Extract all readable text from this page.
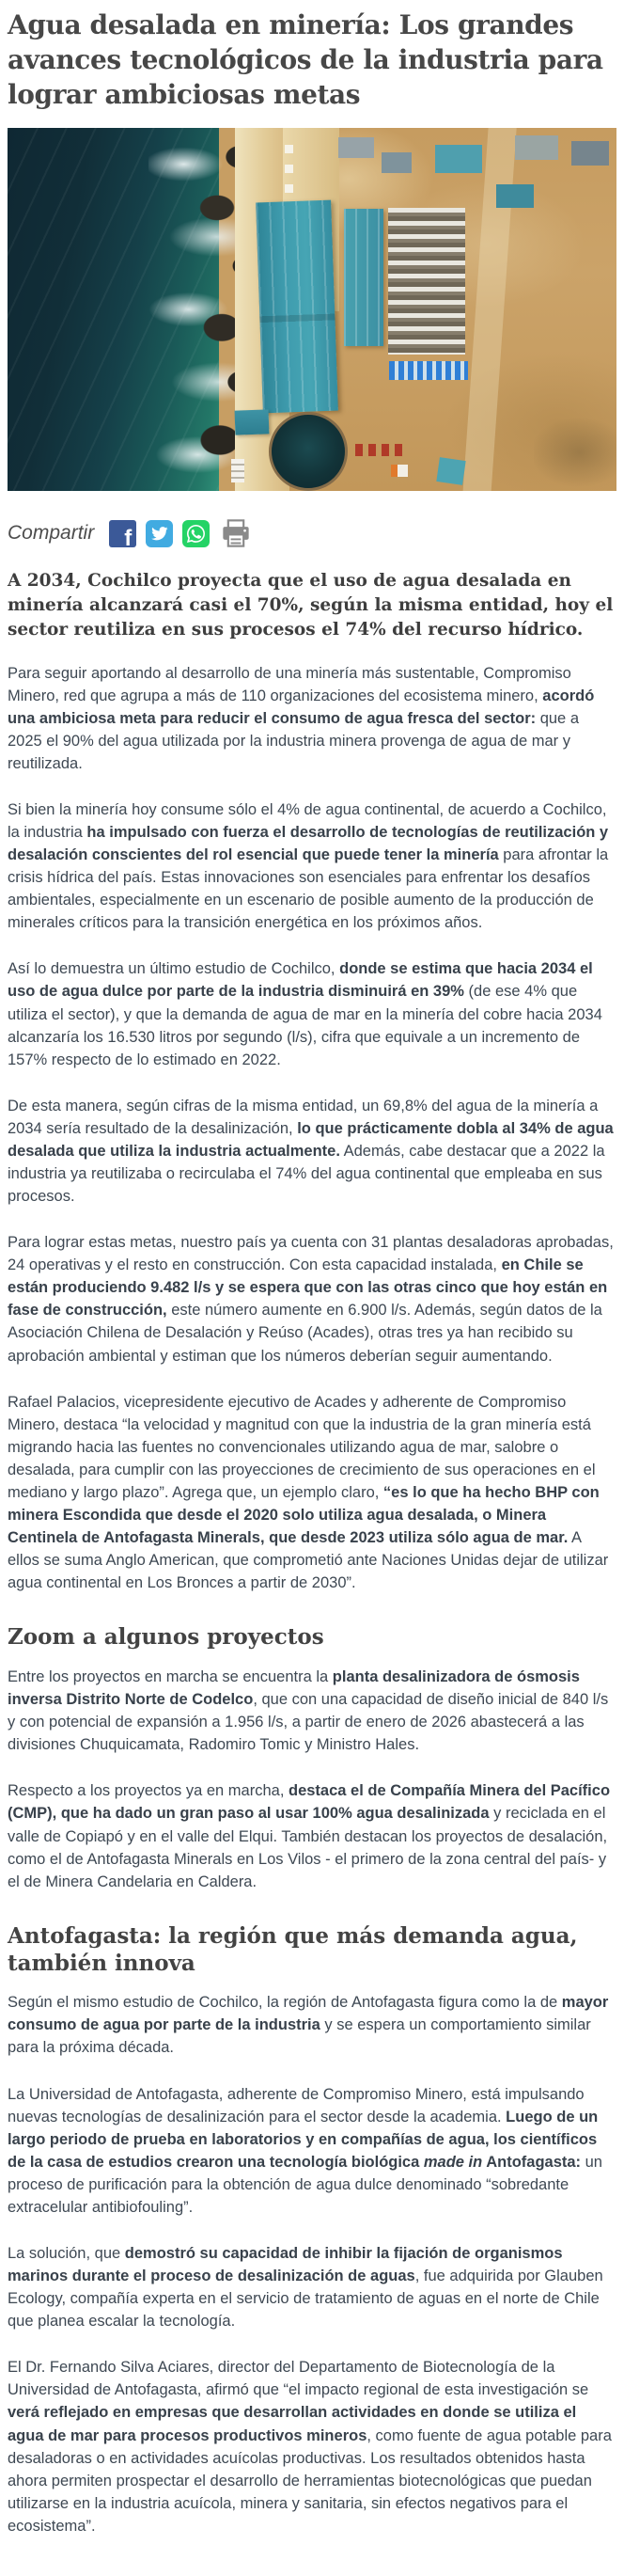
Agua desalada en minería: Los grandes avances tecnológicos de la industria para lograr ambiciosas metas
Compartir f

A 2034, Cochilco proyecta que el uso de agua desalada en minería alcanzará casi el 70%, según la misma entidad, hoy el sector reutiliza en sus procesos el 74% del recurso hídrico.

Para seguir aportando al desarrollo de una minería más sustentable, Compromiso Minero, red que agrupa a más de 110 organizaciones del ecosistema minero, acordó una ambiciosa meta para reducir el consumo de agua fresca del sector: que a 2025 el 90% del agua utilizada por la industria minera provenga de agua de mar y reutilizada.

Si bien la minería hoy consume sólo el 4% de agua continental, de acuerdo a Cochilco, la industria ha impulsado con fuerza el desarrollo de tecnologías de reutilización y desalación conscientes del rol esencial que puede tener la minería para afrontar la crisis hídrica del país. Estas innovaciones son esenciales para enfrentar los desafíos ambientales, especialmente en un escenario de posible aumento de la producción de minerales críticos para la transición energética en los próximos años.

Así lo demuestra un último estudio de Cochilco, donde se estima que hacia 2034 el uso de agua dulce por parte de la industria disminuirá en 39% (de ese 4% que utiliza el sector), y que la demanda de agua de mar en la minería del cobre hacia 2034 alcanzaría los 16.530 litros por segundo (l/s), cifra que equivale a un incremento de 157% respecto de lo estimado en 2022.

De esta manera, según cifras de la misma entidad, un 69,8% del agua de la minería a 2034 sería resultado de la desalinización, lo que prácticamente dobla al 34% de agua desalada que utiliza la industria actualmente. Además, cabe destacar que a 2022 la industria ya reutilizaba o recirculaba el 74% del agua continental que empleaba en sus procesos.

Para lograr estas metas, nuestro país ya cuenta con 31 plantas desaladoras aprobadas, 24 operativas y el resto en construcción. Con esta capacidad instalada, en Chile se están produciendo 9.482 l/s y se espera que con las otras cinco que hoy están en fase de construcción, este número aumente en 6.900 l/s. Además, según datos de la Asociación Chilena de Desalación y Reúso (Acades), otras tres ya han recibido su aprobación ambiental y estiman que los números deberían seguir aumentando.

Rafael Palacios, vicepresidente ejecutivo de Acades y adherente de Compromiso Minero, destaca “la velocidad y magnitud con que la industria de la gran minería está migrando hacia las fuentes no convencionales utilizando agua de mar, salobre o desalada, para cumplir con las proyecciones de crecimiento de sus operaciones en el mediano y largo plazo”. Agrega que, un ejemplo claro, “es lo que ha hecho BHP con minera Escondida que desde el 2020 solo utiliza agua desalada, o Minera Centinela de Antofagasta Minerals, que desde 2023 utiliza sólo agua de mar. A ellos se suma Anglo American, que comprometió ante Naciones Unidas dejar de utilizar agua continental en Los Bronces a partir de 2030”.

Zoom a algunos proyectos

Entre los proyectos en marcha se encuentra la planta desalinizadora de ósmosis inversa Distrito Norte de Codelco, que con una capacidad de diseño inicial de 840 l/s y con potencial de expansión a 1.956 l/s, a partir de enero de 2026 abastecerá a las divisiones Chuquicamata, Radomiro Tomic y Ministro Hales.

Respecto a los proyectos ya en marcha, destaca el de Compañía Minera del Pacífico (CMP), que ha dado un gran paso al usar 100% agua desalinizada y reciclada en el valle de Copiapó y en el valle del Elqui. También destacan los proyectos de desalación, como el de Antofagasta Minerals en Los Vilos - el primero de la zona central del país- y el de Minera Candelaria en Caldera.

Antofagasta: la región que más demanda agua, también innova

Según el mismo estudio de Cochilco, la región de Antofagasta figura como la de mayor consumo de agua por parte de la industria y se espera un comportamiento similar para la próxima década.

La Universidad de Antofagasta, adherente de Compromiso Minero, está impulsando nuevas tecnologías de desalinización para el sector desde la academia. Luego de un largo periodo de prueba en laboratorios y en compañías de agua, los científicos de la casa de estudios crearon una tecnología biológica made in Antofagasta: un proceso de purificación para la obtención de agua dulce denominado “sobredante extracelular antibiofouling”.

La solución, que demostró su capacidad de inhibir la fijación de organismos marinos durante el proceso de desalinización de aguas, fue adquirida por Glauben Ecology, compañía experta en el servicio de tratamiento de aguas en el norte de Chile que planea escalar la tecnología.

El Dr. Fernando Silva Aciares, director del Departamento de Biotecnología de la Universidad de Antofagasta, afirmó que “el impacto regional de esta investigación se verá reflejado en empresas que desarrollan actividades en donde se utiliza el agua de mar para procesos productivos mineros, como fuente de agua potable para desaladoras o en actividades acuícolas productivas. Los resultados obtenidos hasta ahora permiten prospectar el desarrollo de herramientas biotecnológicas que puedan utilizarse en la industria acuícola, minera y sanitaria, sin efectos negativos para el ecosistema”.
